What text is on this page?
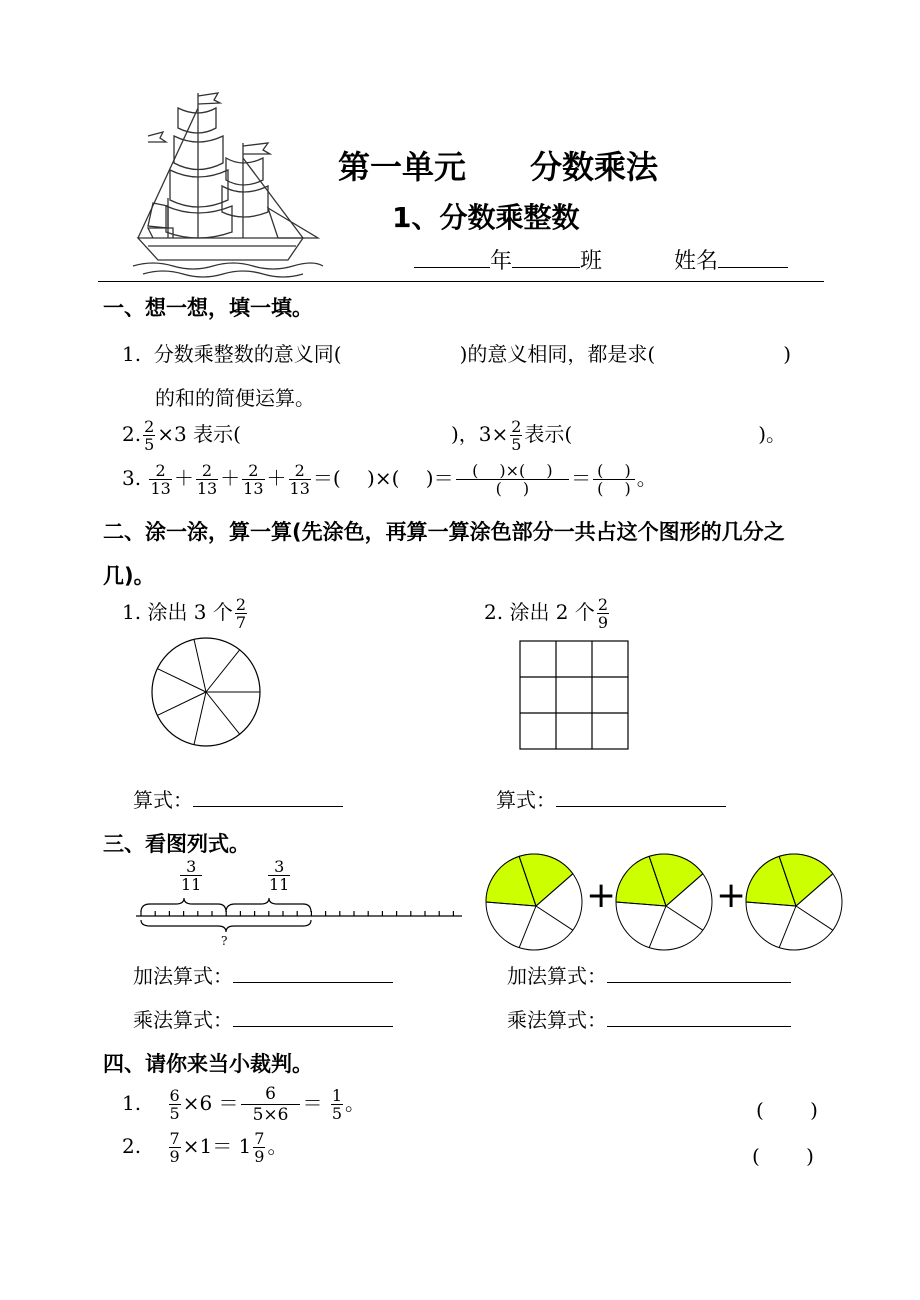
第一单元　　分数乘法
1、分数乘整数
年	班	姓名
一、想一想，填一填。
1. 分数乘整数的意义同(	)的意义相同，都是求(	)
的和的简便运算。
2. $\frac{2}{5} \times 3$ 表示(	)，$3\times \frac{2}{5}$ 表示(	)。
3. $\frac{2}{13} + \frac{2}{13} + \frac{2}{13} + \frac{2}{13}$ ＝(　 )×(　 )＝ $\frac{( )\times( )}{( )} = \frac{( )}{( )}$ 。
二、涂一涂，算一算(先涂色，再算一算涂色部分一共占这个图形的几分之
几)。
1. 涂出 3 个 $\frac{2}{7}$	2. 涂出 2 个 $\frac{2}{9}$
算式：	算式：
三、看图列式。
$\frac{3}{11}$	$\frac{3}{11}$
?
+	+
加法算式：
乘法算式：
加法算式：
乘法算式：
四、请你来当小裁判。
1. $\frac{6}{5} \times 6 = \frac{6}{5\times 6} = \frac{1}{5}$ 。	(　　 )
2. $\frac{7}{9} \times 1= 1 \frac{7}{9}$ 。	(　　 )
